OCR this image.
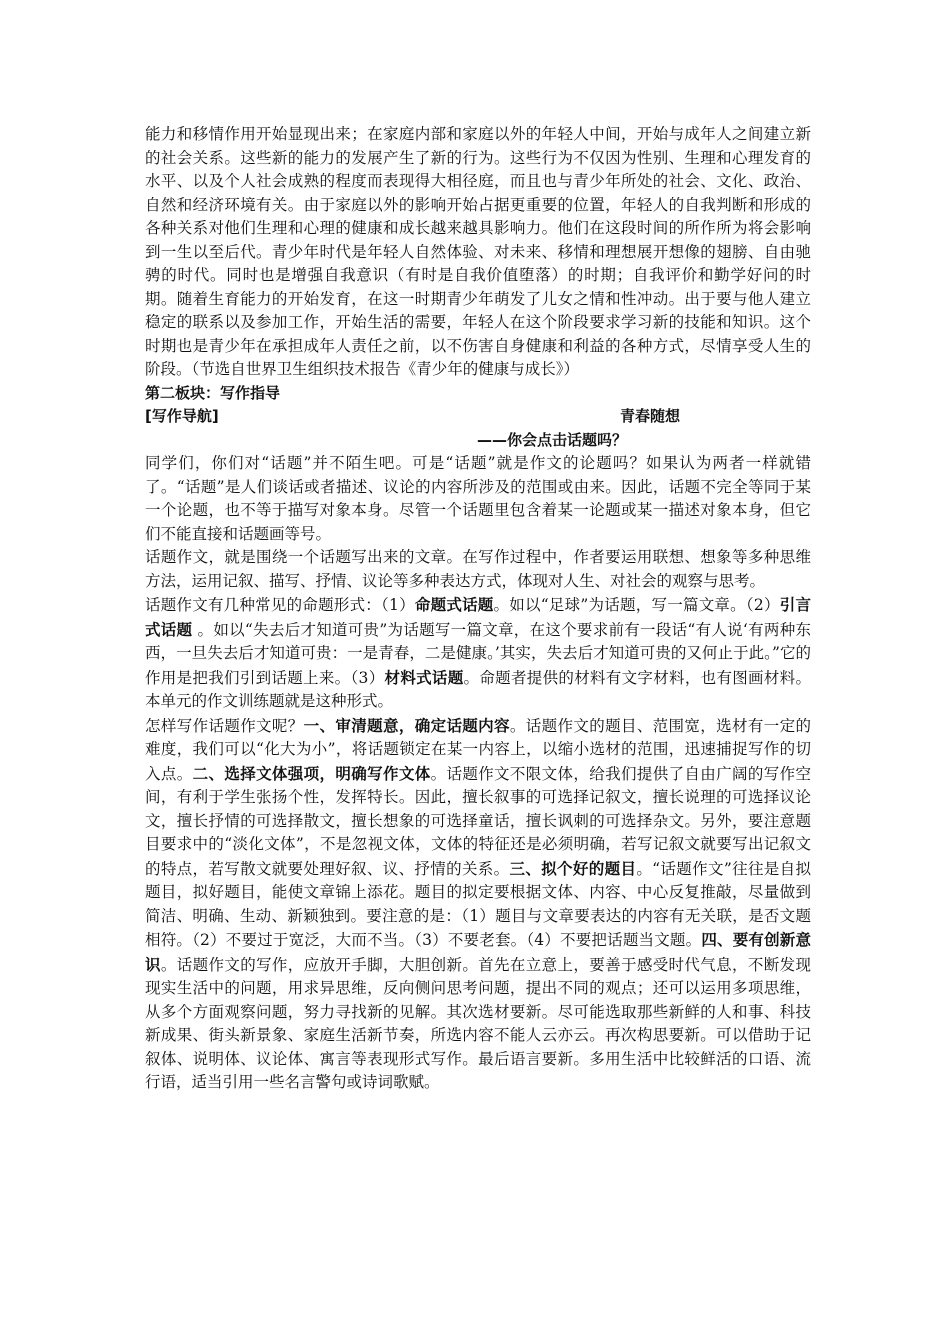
能力和移情作用开始显现出来；在家庭内部和家庭以外的年轻人中间，开始与成年人之间建立新的社会关系。这些新的能力的发展产生了新的行为。这些行为不仅因为性别、生理和心理发育的水平、以及个人社会成熟的程度而表现得大相径庭，而且也与青少年所处的社会、文化、政治、自然和经济环境有关。由于家庭以外的影响开始占据更重要的位置，年轻人的自我判断和形成的各种关系对他们生理和心理的健康和成长越来越具影响力。他们在这段时间的所作所为将会影响到一生以至后代。青少年时代是年轻人自然体验、对未来、移情和理想展开想像的翅膀、自由驰骋的时代。同时也是增强自我意识（有时是自我价值堕落）的时期；自我评价和勤学好问的时期。随着生育能力的开始发育，在这一时期青少年萌发了儿女之情和性冲动。出于要与他人建立稳定的联系以及参加工作，开始生活的需要，年轻人在这个阶段要求学习新的技能和知识。这个时期也是青少年在承担成年人责任之前，以不伤害自身健康和利益的各种方式，尽情享受人生的阶段。（节选自世界卫生组织技术报告《青少年的健康与成长》）

第二板块：写作指导

[写作导航]	青春随想

——你会点击话题吗？

同学们，你们对“话题”并不陌生吧。可是“话题”就是作文的论题吗？如果认为两者一样就错了。“话题”是人们谈话或者描述、议论的内容所涉及的范围或由来。因此，话题不完全等同于某一个论题，也不等于描写对象本身。尽管一个话题里包含着某一论题或某一描述对象本身，但它们不能直接和话题画等号。

话题作文，就是围绕一个话题写出来的文章。在写作过程中，作者要运用联想、想象等多种思维方法，运用记叙、描写、抒情、议论等多种表达方式，体现对人生、对社会的观察与思考。

话题作文有几种常见的命题形式：（1）命题式话题。如以“足球”为话题，写一篇文章。（2）引言式话题 。如以“失去后才知道可贵”为话题写一篇文章，在这个要求前有一段话“有人说‘有两种东西，一旦失去后才知道可贵：一是青春，二是健康。’其实，失去后才知道可贵的又何止于此。”它的作用是把我们引到话题上来。（3）材料式话题。命题者提供的材料有文字材料，也有图画材料。本单元的作文训练题就是这种形式。

怎样写作话题作文呢？一、审清题意，确定话题内容。话题作文的题目、范围宽，选材有一定的难度，我们可以“化大为小”，将话题锁定在某一内容上，以缩小选材的范围，迅速捕捉写作的切入点。二、选择文体强项，明确写作文体。话题作文不限文体，给我们提供了自由广阔的写作空间，有利于学生张扬个性，发挥特长。因此，擅长叙事的可选择记叙文，擅长说理的可选择议论文，擅长抒情的可选择散文，擅长想象的可选择童话，擅长讽刺的可选择杂文。另外，要注意题目要求中的“淡化文体”，不是忽视文体，文体的特征还是必须明确，若写记叙文就要写出记叙文的特点，若写散文就要处理好叙、议、抒情的关系。三、拟个好的题目。“话题作文”往往是自拟题目，拟好题目，能使文章锦上添花。题目的拟定要根据文体、内容、中心反复推敲，尽量做到简洁、明确、生动、新颖独到。要注意的是：（1）题目与文章要表达的内容有无关联，是否文题相符。（2）不要过于宽泛，大而不当。（3）不要老套。（4）不要把话题当文题。四、要有创新意识。话题作文的写作，应放开手脚，大胆创新。首先在立意上，要善于感受时代气息，不断发现现实生活中的问题，用求异思维，反向侧问思考问题，提出不同的观点；还可以运用多项思维，从多个方面观察问题，努力寻找新的见解。其次选材要新。尽可能选取那些新鲜的人和事、科技新成果、街头新景象、家庭生活新节奏，所选内容不能人云亦云。再次构思要新。可以借助于记叙体、说明体、议论体、寓言等表现形式写作。最后语言要新。多用生活中比较鲜活的口语、流行语，适当引用一些名言警句或诗词歌赋。
